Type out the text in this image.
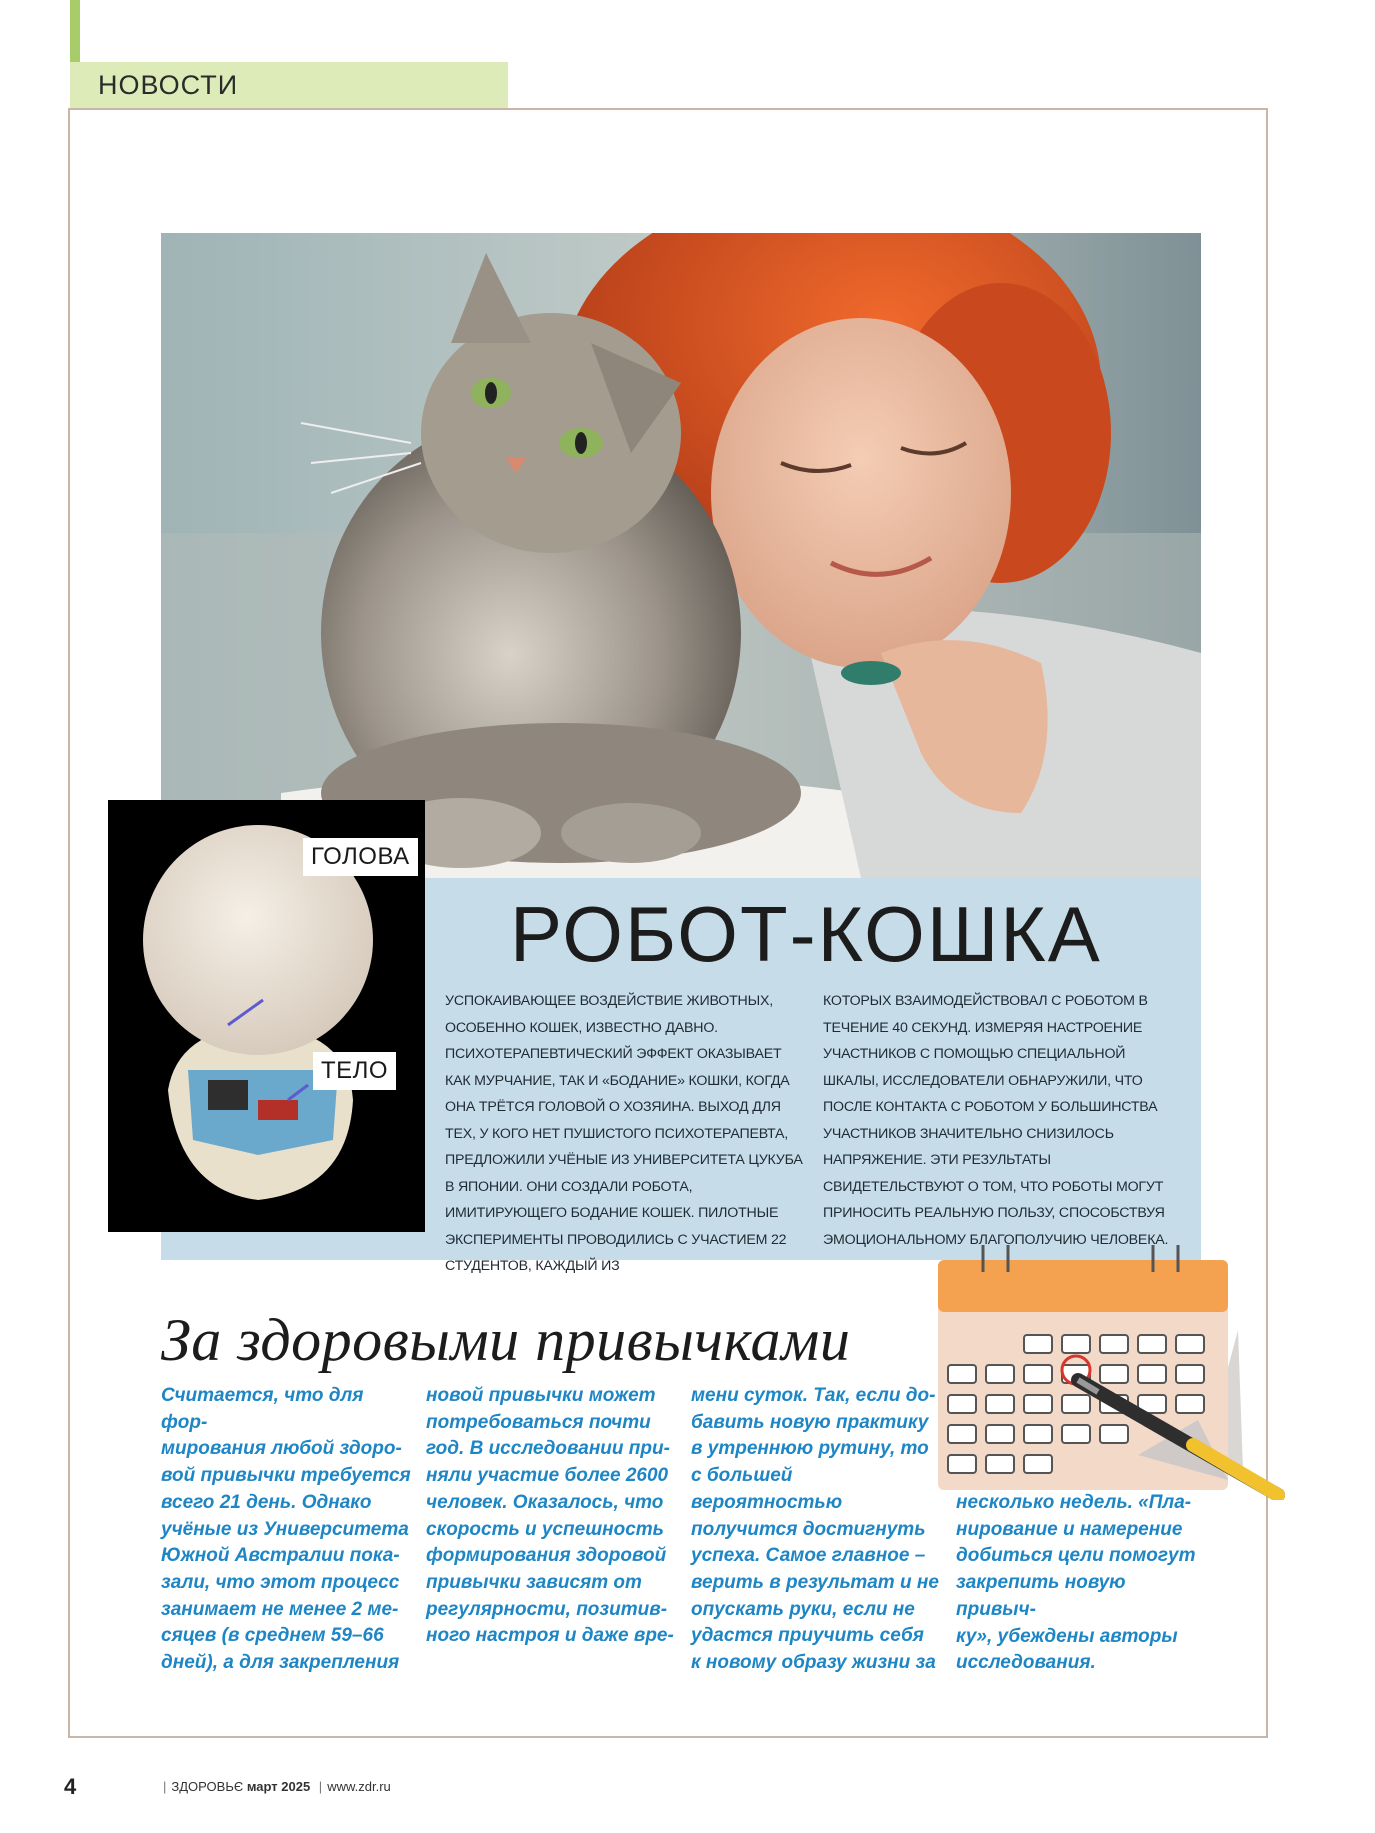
НОВОСТИ
РОБОТ-КОШКА

УСПОКАИВАЮЩЕЕ ВОЗДЕЙСТВИЕ ЖИВОТНЫХ, ОСОБЕННО КОШЕК, ИЗВЕСТНО ДАВНО. ПСИХОТЕРАПЕВТИЧЕСКИЙ ЭФФЕКТ ОКАЗЫВАЕТ КАК МУРЧАНИЕ, ТАК И «БОДАНИЕ» КОШКИ, КОГДА ОНА ТРЁТСЯ ГОЛОВОЙ О ХОЗЯИНА. ВЫХОД ДЛЯ ТЕХ, У КОГО НЕТ ПУШИСТОГО ПСИХОТЕРАПЕВТА, ПРЕДЛОЖИЛИ УЧЁНЫЕ ИЗ УНИВЕРСИТЕТА ЦУКУБА В ЯПОНИИ. ОНИ СОЗДАЛИ РОБОТА, ИМИТИРУЮЩЕГО БОДАНИЕ КОШЕК. ПИЛОТНЫЕ ЭКСПЕРИМЕНТЫ ПРОВОДИЛИСЬ С УЧАСТИЕМ 22 СТУДЕНТОВ, КАЖДЫЙ ИЗ

КОТОРЫХ ВЗАИМОДЕЙСТВОВАЛ С РОБОТОМ В ТЕЧЕНИЕ 40 СЕКУНД. ИЗМЕРЯЯ НАСТРОЕНИЕ УЧАСТНИКОВ С ПОМОЩЬЮ СПЕЦИАЛЬНОЙ ШКАЛЫ, ИССЛЕДОВАТЕЛИ ОБНАРУЖИЛИ, ЧТО ПОСЛЕ КОНТАКТА С РОБОТОМ У БОЛЬШИНСТВА УЧАСТНИКОВ ЗНАЧИТЕЛЬНО СНИЗИЛОСЬ НАПРЯЖЕНИЕ. ЭТИ РЕЗУЛЬТАТЫ СВИДЕТЕЛЬСТВУЮТ О ТОМ, ЧТО РОБОТЫ МОГУТ ПРИНОСИТЬ РЕАЛЬНУЮ ПОЛЬЗУ, СПОСОБСТВУЯ ЭМОЦИОНАЛЬНОМУ БЛАГОПОЛУЧИЮ ЧЕЛОВЕКА.

ГОЛОВА
ТЕЛО
За здоровыми привычками

Считается, что для фор-
мирования любой здоро-
вой привычки требуется
всего 21 день. Однако
учёные из Университета
Южной Австралии пока-
зали, что этот процесс
занимает не менее 2 ме-
сяцев (в среднем 59–66
дней), а для закрепления

новой привычки может
потребоваться почти
год. В исследовании при-
няли участие более 2600
человек. Оказалось, что
скорость и успешность
формирования здоровой
привычки зависят от
регулярности, позитив-
ного настроя и даже вре-

мени суток. Так, если до-
бавить новую практику
в утреннюю рутину, то
с большей вероятностью
получится достигнуть
успеха. Самое главное –
верить в результат и не
опускать руки, если не
удастся приучить себя
к новому образу жизни за

несколько недель. «Пла-
нирование и намерение
добиться цели помогут
закрепить новую привыч-
ку», убеждены авторы
исследования.

4	| ЗДОРОВЬЄ март 2025 | www.zdr.ru
